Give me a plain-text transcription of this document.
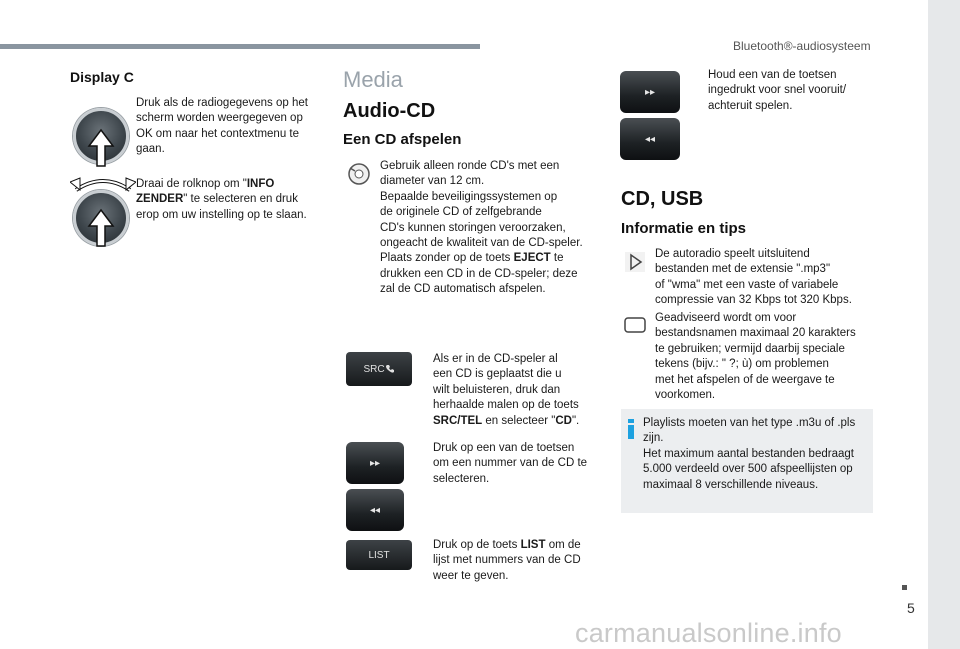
Bluetooth®-audiosysteem
Display C
Druk als de radiogegevens op het
scherm worden weergegeven op
OK om naar het contextmenu te
gaan.
Draai de rolknop om "INFO
ZENDER" te selecteren en druk
erop om uw instelling op te slaan.
Media
Audio-CD
Een CD afspelen
Gebruik alleen ronde CD's met een
diameter van 12 cm.
Bepaalde beveiligingssystemen op
de originele CD of zelfgebrande
CD's kunnen storingen veroorzaken,
ongeacht de kwaliteit van de CD-speler.
Plaats zonder op de toets EJECT te
drukken een CD in de CD-speler; deze
zal de CD automatisch afspelen.
SRC
Als er in de CD-speler al
een CD is geplaatst die u
wilt beluisteren, druk dan
herhaalde malen op de toets
SRC/TEL en selecteer "CD".
▸▸
◂◂
Druk op een van de toetsen
om een nummer van de CD te
selecteren.
LIST
Druk op de toets LIST om de
lijst met nummers van de CD
weer te geven.
▸▸
◂◂
Houd een van de toetsen
ingedrukt voor snel vooruit/
achteruit spelen.
CD, USB
Informatie en tips
De autoradio speelt uitsluitend
bestanden met de extensie ".mp3"
of "wma" met een vaste of variabele
compressie van 32 Kbps tot 320 Kbps.
Geadviseerd wordt om voor
bestandsnamen maximaal 20 karakters
te gebruiken; vermijd daarbij speciale
tekens (bijv.: " ?; ù) om problemen
met het afspelen of de weergave te
voorkomen.
Playlists moeten van het type .m3u of .pls
zijn.
Het maximum aantal bestanden bedraagt
5.000 verdeeld over 500 afspeellijsten op
maximaal 8 verschillende niveaus.
5
carmanualsonline.info
